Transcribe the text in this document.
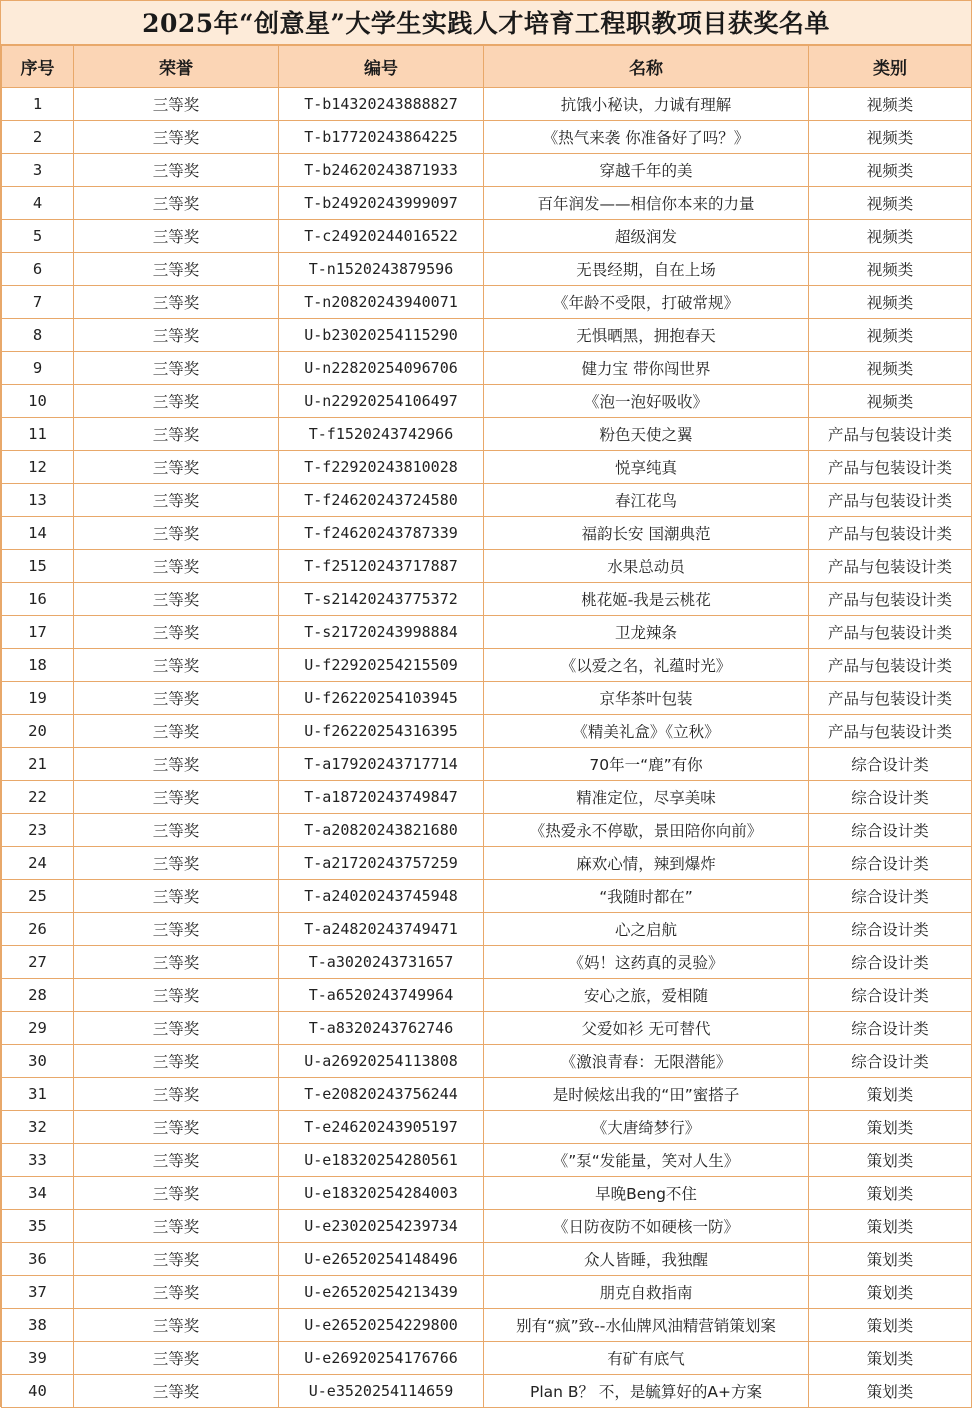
2025年“创意星”大学生实践人才培育工程职教项目获奖名单
序号	荣誉	编号	名称	类别
1	三等奖	T-b14320243888827	抗饿小秘诀，力诚有理解	视频类
2	三等奖	T-b17720243864225	《热气来袭 你准备好了吗？》	视频类
3	三等奖	T-b24620243871933	穿越千年的美	视频类
4	三等奖	T-b24920243999097	百年润发——相信你本来的力量	视频类
5	三等奖	T-c24920244016522	超级润发	视频类
6	三等奖	T-n1520243879596	无畏经期，自在上场	视频类
7	三等奖	T-n20820243940071	《年龄不受限，打破常规》	视频类
8	三等奖	U-b23020254115290	无惧晒黑，拥抱春天	视频类
9	三等奖	U-n22820254096706	健力宝 带你闯世界	视频类
10	三等奖	U-n22920254106497	《泡一泡好吸收》	视频类
11	三等奖	T-f1520243742966	粉色天使之翼	产品与包装设计类
12	三等奖	T-f22920243810028	悦享纯真	产品与包装设计类
13	三等奖	T-f24620243724580	春江花鸟	产品与包装设计类
14	三等奖	T-f24620243787339	福韵长安 国潮典范	产品与包装设计类
15	三等奖	T-f25120243717887	水果总动员	产品与包装设计类
16	三等奖	T-s21420243775372	桃花姬-我是云桃花	产品与包装设计类
17	三等奖	T-s21720243998884	卫龙辣条	产品与包装设计类
18	三等奖	U-f22920254215509	《以爱之名，礼蕴时光》	产品与包装设计类
19	三等奖	U-f26220254103945	京华茶叶包装	产品与包装设计类
20	三等奖	U-f26220254316395	《精美礼盒》《立秋》	产品与包装设计类
21	三等奖	T-a17920243717714	70年一“鹿”有你	综合设计类
22	三等奖	T-a18720243749847	精准定位，尽享美味	综合设计类
23	三等奖	T-a20820243821680	《热爱永不停歇，景田陪你向前》	综合设计类
24	三等奖	T-a21720243757259	麻欢心情，辣到爆炸	综合设计类
25	三等奖	T-a24020243745948	“我随时都在”	综合设计类
26	三等奖	T-a24820243749471	心之启航	综合设计类
27	三等奖	T-a3020243731657	《妈！这药真的灵验》	综合设计类
28	三等奖	T-a6520243749964	安心之旅，爱相随	综合设计类
29	三等奖	T-a8320243762746	父爱如衫 无可替代	综合设计类
30	三等奖	U-a26920254113808	《激浪青春：无限潜能》	综合设计类
31	三等奖	T-e20820243756244	是时候炫出我的“田”蜜搭子	策划类
32	三等奖	T-e24620243905197	《大唐绮梦行》	策划类
33	三等奖	U-e18320254280561	《”泵“发能量，笑对人生》	策划类
34	三等奖	U-e18320254284003	早晚Beng不住	策划类
35	三等奖	U-e23020254239734	《日防夜防不如硬核一防》	策划类
36	三等奖	U-e26520254148496	众人皆睡，我独醒	策划类
37	三等奖	U-e26520254213439	朋克自救指南	策划类
38	三等奖	U-e26520254229800	别有“疯”致--水仙牌风油精营销策划案	策划类
39	三等奖	U-e26920254176766	有矿有底气	策划类
40	三等奖	U-e3520254114659	Plan B？ 不，是毓算好的A+方案	策划类
